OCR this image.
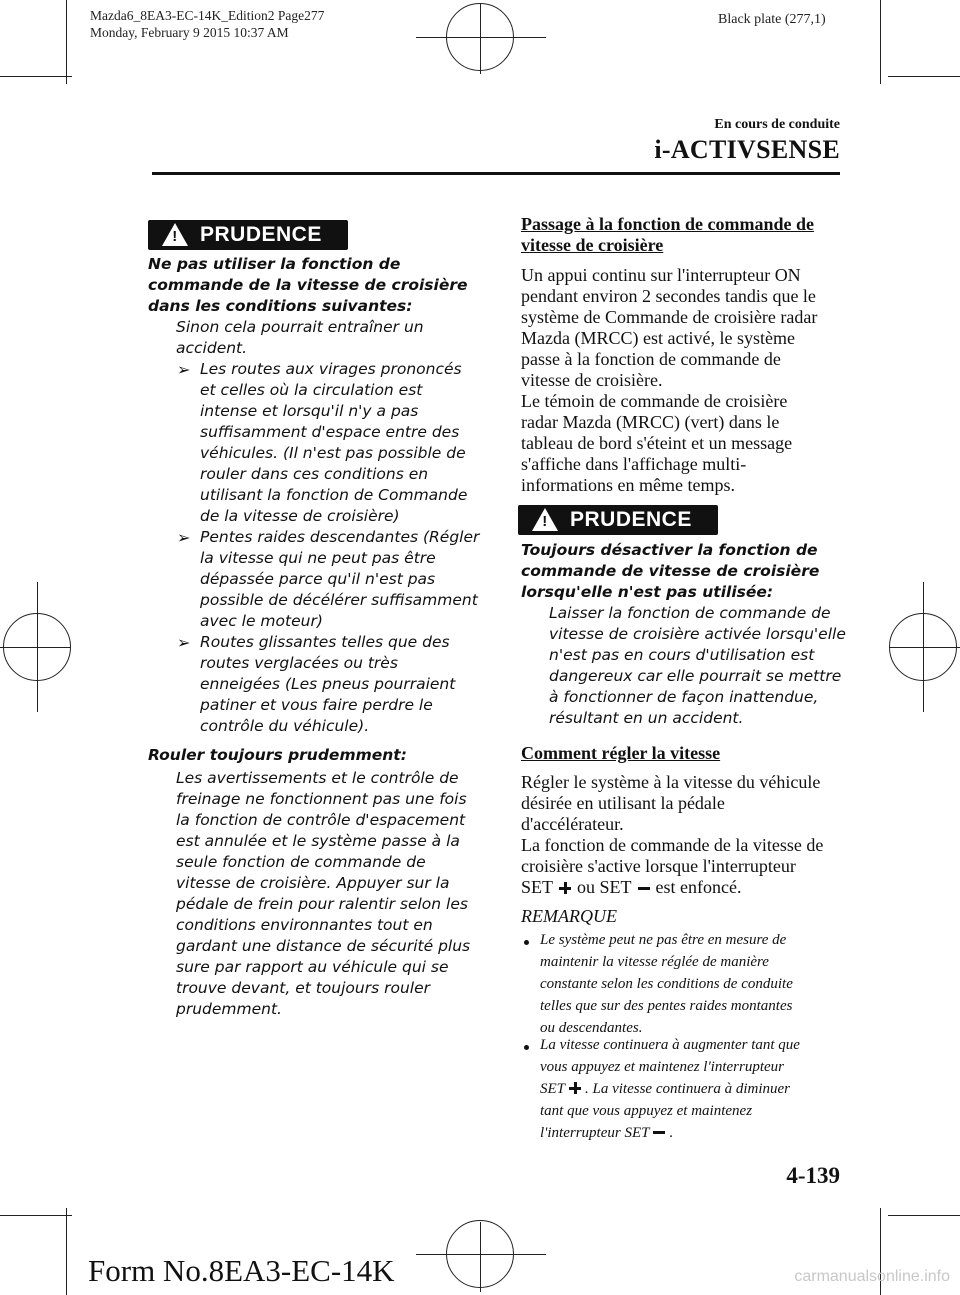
Mazda6_8EA3-EC-14K_Edition2 Page277
Monday, February 9 2015 10:37 AM
Black plate (277,1)
En cours de conduite
i-ACTIVSENSE
! PRUDENCE
Ne pas utiliser la fonction de
commande de la vitesse de croisière
dans les conditions suivantes:
Sinon cela pourrait entraîner un
accident.
➢ Les routes aux virages prononcés
et celles où la circulation est
intense et lorsqu'il n'y a pas
suffisamment d'espace entre des
véhicules. (Il n'est pas possible de
rouler dans ces conditions en
utilisant la fonction de Commande
de la vitesse de croisière)
➢ Pentes raides descendantes (Régler
la vitesse qui ne peut pas être
dépassée parce qu'il n'est pas
possible de décélérer suffisamment
avec le moteur)
➢ Routes glissantes telles que des
routes verglacées ou très
enneigées (Les pneus pourraient
patiner et vous faire perdre le
contrôle du véhicule).
Rouler toujours prudemment:
Les avertissements et le contrôle de
freinage ne fonctionnent pas une fois
la fonction de contrôle d'espacement
est annulée et le système passe à la
seule fonction de commande de
vitesse de croisière. Appuyer sur la
pédale de frein pour ralentir selon les
conditions environnantes tout en
gardant une distance de sécurité plus
sure par rapport au véhicule qui se
trouve devant, et toujours rouler
prudemment.
Passage à la fonction de commande de
vitesse de croisière
Un appui continu sur l'interrupteur ON
pendant environ 2 secondes tandis que le
système de Commande de croisière radar
Mazda (MRCC) est activé, le système
passe à la fonction de commande de
vitesse de croisière.
Le témoin de commande de croisière
radar Mazda (MRCC) (vert) dans le
tableau de bord s'éteint et un message
s'affiche dans l'affichage multi-
informations en même temps.
! PRUDENCE
Toujours désactiver la fonction de
commande de vitesse de croisière
lorsqu'elle n'est pas utilisée:
Laisser la fonction de commande de
vitesse de croisière activée lorsqu'elle
n'est pas en cours d'utilisation est
dangereux car elle pourrait se mettre
à fonctionner de façon inattendue,
résultant en un accident.
Comment régler la vitesse
Régler le système à la vitesse du véhicule
désirée en utilisant la pédale
d'accélérateur.
La fonction de commande de la vitesse de
croisière s'active lorsque l'interrupteur
SET ou SET est enfoncé.
REMARQUE
Le système peut ne pas être en mesure de
maintenir la vitesse réglée de manière
constante selon les conditions de conduite
telles que sur des pentes raides montantes
ou descendantes.
La vitesse continuera à augmenter tant que
vous appuyez et maintenez l'interrupteur
SET . La vitesse continuera à diminuer
tant que vous appuyez et maintenez
l'interrupteur SET .
4-139
Form No.8EA3-EC-14K	carmanualsonline.info
